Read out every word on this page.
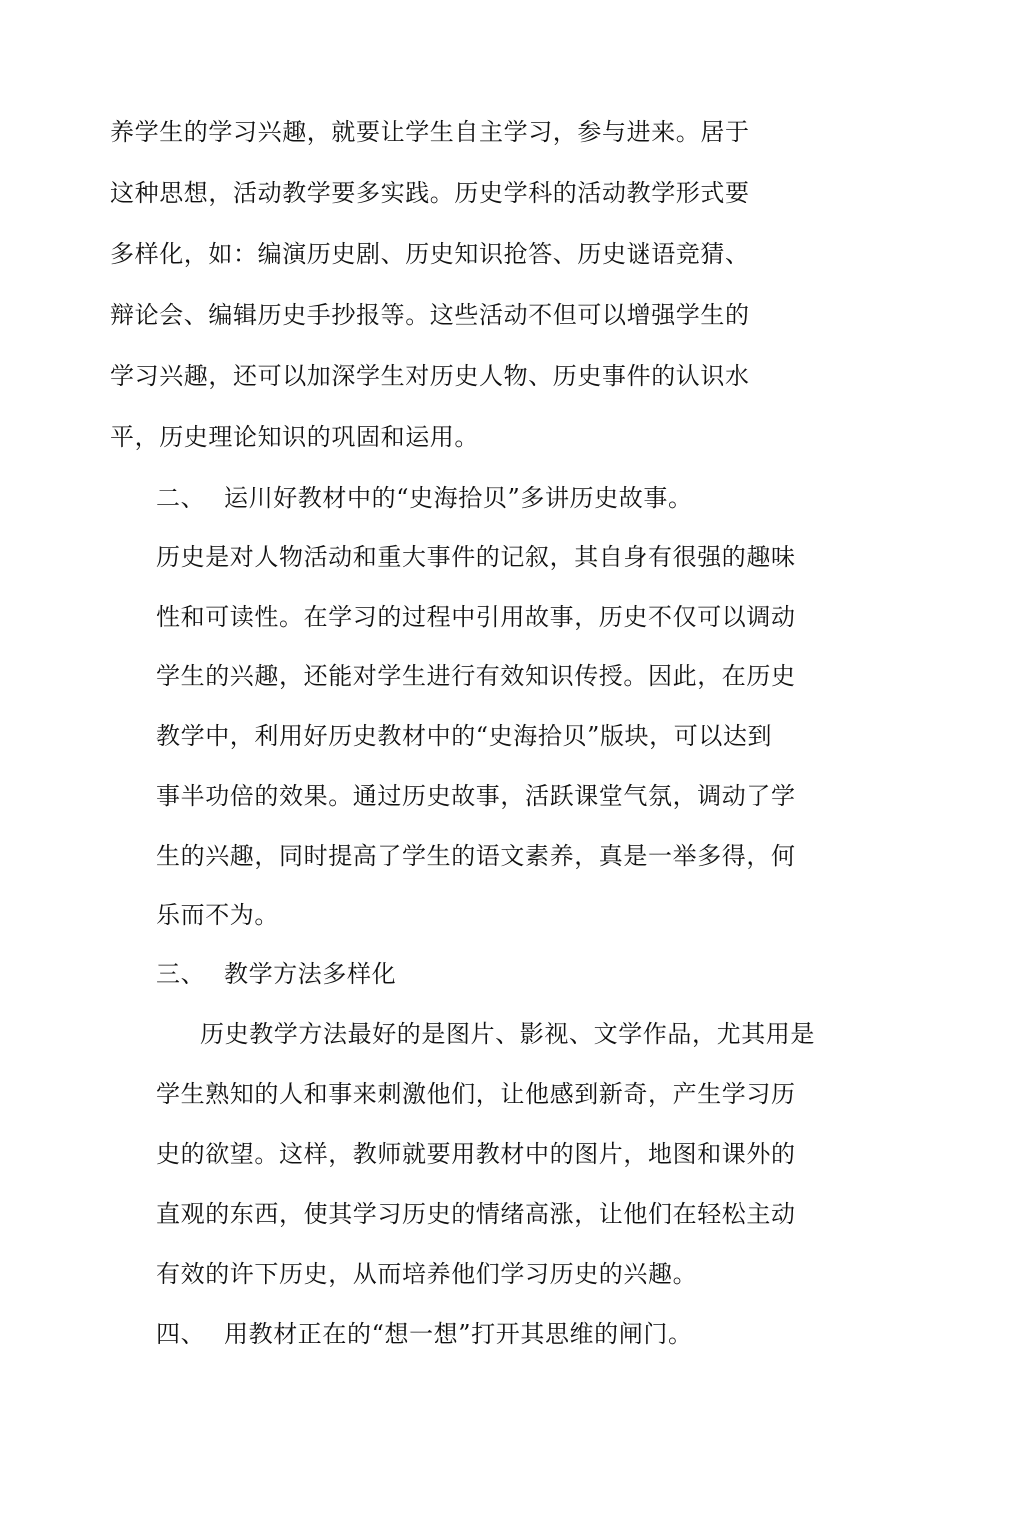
养学生的学习兴趣，就要让学生自主学习，参与进来。居于
这种思想，活动教学要多实践。历史学科的活动教学形式要
多样化，如：编演历史剧、历史知识抢答、历史谜语竞猜、
辩论会、编辑历史手抄报等。这些活动不但可以增强学生的
学习兴趣，还可以加深学生对历史人物、历史事件的认识水
平，历史理论知识的巩固和运用。
二、 运川好教材中的“史海拾贝”多讲历史故事。
历史是对人物活动和重大事件的记叙，其自身有很强的趣味
性和可读性。在学习的过程中引用故事，历史不仅可以调动
学生的兴趣，还能对学生进行有效知识传授。因此，在历史
教学中，利用好历史教材中的“史海拾贝”版块，可以达到
事半功倍的效果。通过历史故事，活跃课堂气氛，调动了学
生的兴趣，同时提高了学生的语文素养，真是一举多得，何
乐而不为。
三、 教学方法多样化
历史教学方法最好的是图片、影视、文学作品，尤其用是
学生熟知的人和事来刺激他们，让他感到新奇，产生学习历
史的欲望。这样，教师就要用教材中的图片，地图和课外的
直观的东西，使其学习历史的情绪高涨，让他们在轻松主动
有效的许下历史，从而培养他们学习历史的兴趣。
四、 用教材正在的“想一想”打开其思维的闸门。
